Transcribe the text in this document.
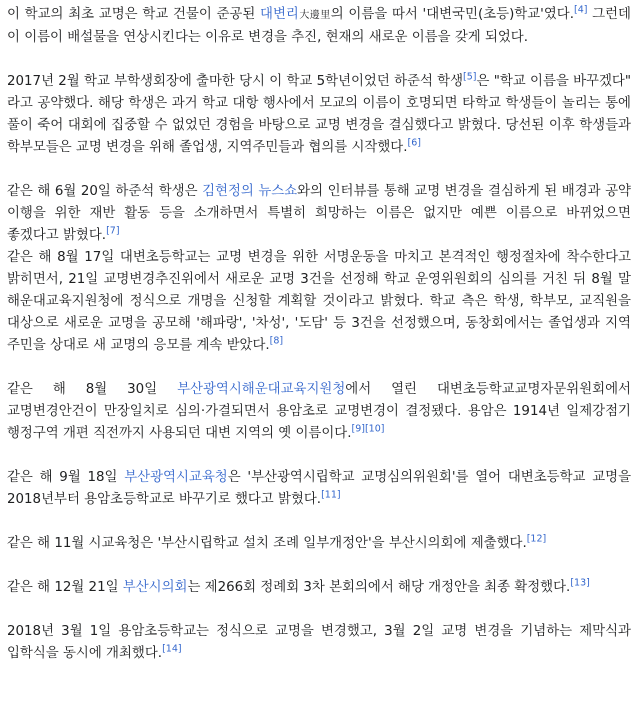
이 학교의 최초 교명은 학교 건물이 준공된 대변리大邊里의 이름을 따서 '대변국민(초등)학교'였다.[4] 그런데 이 이름이 배설물을 연상시킨다는 이유로 변경을 추진, 현재의 새로운 이름을 갖게 되었다.

2017년 2월 학교 부학생회장에 출마한 당시 이 학교 5학년이었던 하준석 학생[5]은 "학교 이름을 바꾸겠다" 라고 공약했다. 해당 학생은 과거 학교 대항 행사에서 모교의 이름이 호명되면 타학교 학생들이 놀리는 통에 풀이 죽어 대회에 집중할 수 없었던 경험을 바탕으로 교명 변경을 결심했다고 밝혔다. 당선된 이후 학생들과 학부모들은 교명 변경을 위해 졸업생, 지역주민들과 협의를 시작했다.[6]

같은 해 6월 20일 하준석 학생은 김현정의 뉴스쇼와의 인터뷰를 통해 교명 변경을 결심하게 된 배경과 공약 이행을 위한 재반 활동 등을 소개하면서 특별히 희망하는 이름은 없지만 예쁜 이름으로 바뀌었으면 좋겠다고 밝혔다.[7]

같은 해 8월 17일 대변초등학교는 교명 변경을 위한 서명운동을 마치고 본격적인 행정절차에 착수한다고 밝히면서, 21일 교명변경추진위에서 새로운 교명 3건을 선정해 학교 운영위원회의 심의를 거친 뒤 8월 말 해운대교육지원청에 정식으로 개명을 신청할 계획할 것이라고 밝혔다. 학교 측은 학생, 학부모, 교직원을 대상으로 새로운 교명을 공모해 '해파랑', '차성', '도담' 등 3건을 선정했으며, 동창회에서는 졸업생과 지역 주민을 상대로 새 교명의 응모를 계속 받았다.[8]

같은 해 8월 30일 부산광역시해운대교육지원청에서 열린 대변초등학교교명자문위원회에서 교명변경안건이 만장일치로 심의·가결되면서 용암초로 교명변경이 결정됐다. 용암은 1914년 일제강점기 행정구역 개편 직전까지 사용되던 대변 지역의 옛 이름이다.[9][10]

같은 해 9월 18일 부산광역시교육청은 '부산광역시립학교 교명심의위원회'를 열어 대변초등학교 교명을 2018년부터 용암초등학교로 바꾸기로 했다고 밝혔다.[11]

같은 해 11월 시교육청은 '부산시립학교 설치 조례 일부개정안'을 부산시의회에 제출했다.[12]

같은 해 12월 21일 부산시의회는 제266회 정례회 3차 본회의에서 해당 개정안을 최종 확정했다.[13]

2018년 3월 1일 용암초등학교는 정식으로 교명을 변경했고, 3월 2일 교명 변경을 기념하는 제막식과 입학식을 동시에 개최했다.[14]
